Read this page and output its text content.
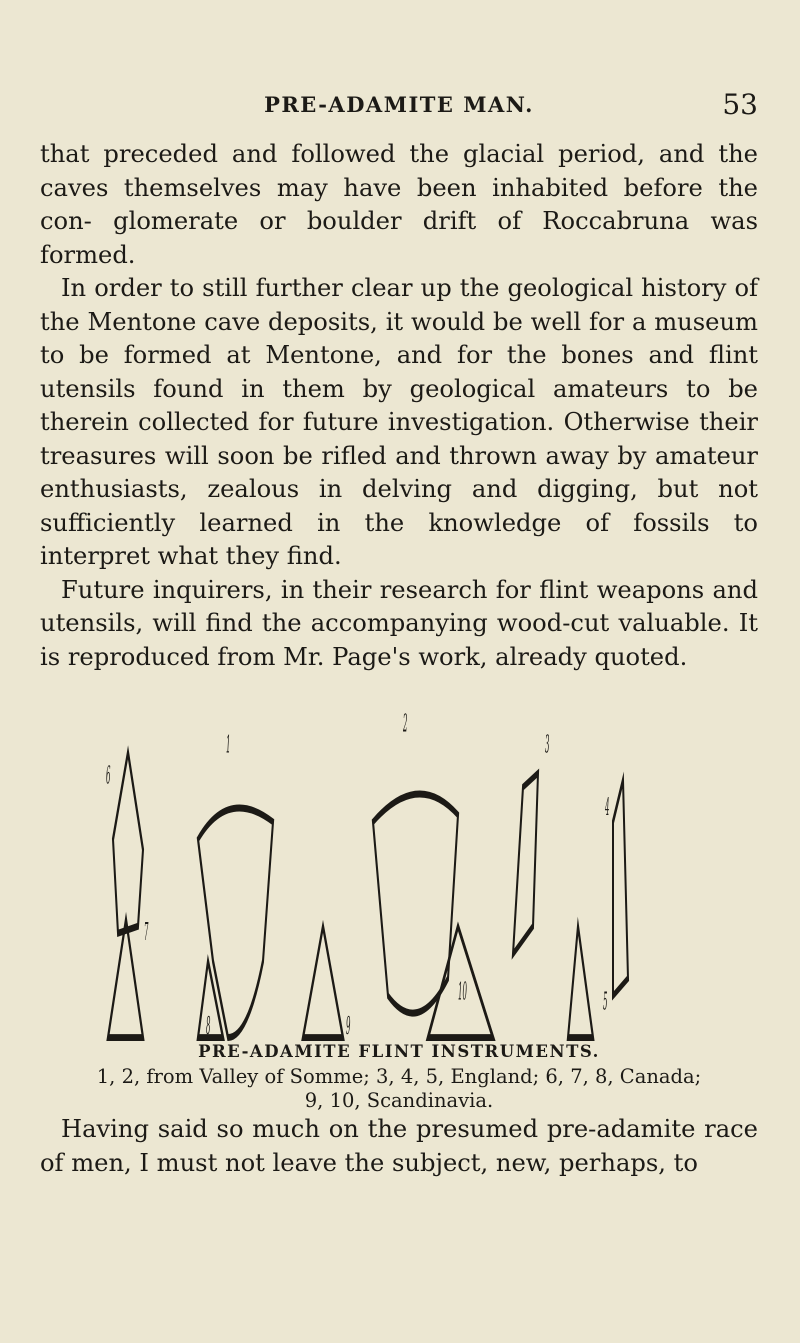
PRE-ADAMITE MAN.	53

that preceded and followed the glacial period, and the caves themselves may have been inhabited before the con- glomerate or boulder drift of Roccabruna was formed.

In order to still further clear up the geological history of the Mentone cave deposits, it would be well for a museum to be formed at Mentone, and for the bones and flint utensils found in them by geological amateurs to be therein collected for future investigation. Otherwise their treasures will soon be rifled and thrown away by amateur enthusiasts, zealous in delving and digging, but not sufficiently learned in the knowledge of fossils to interpret what they find.

Future inquirers, in their research for flint weapons and utensils, will find the accompanying wood-cut valuable. It is reproduced from Mr. Page's work, already quoted.

1
2
3
4
5
6
7
8	9
10
PRE-ADAMITE FLINT INSTRUMENTS.
1, 2, from Valley of Somme; 3, 4, 5, England; 6, 7, 8, Canada;
9, 10, Scandinavia.
Having said so much on the presumed pre-adamite race of men, I must not leave the subject, new, perhaps, to
